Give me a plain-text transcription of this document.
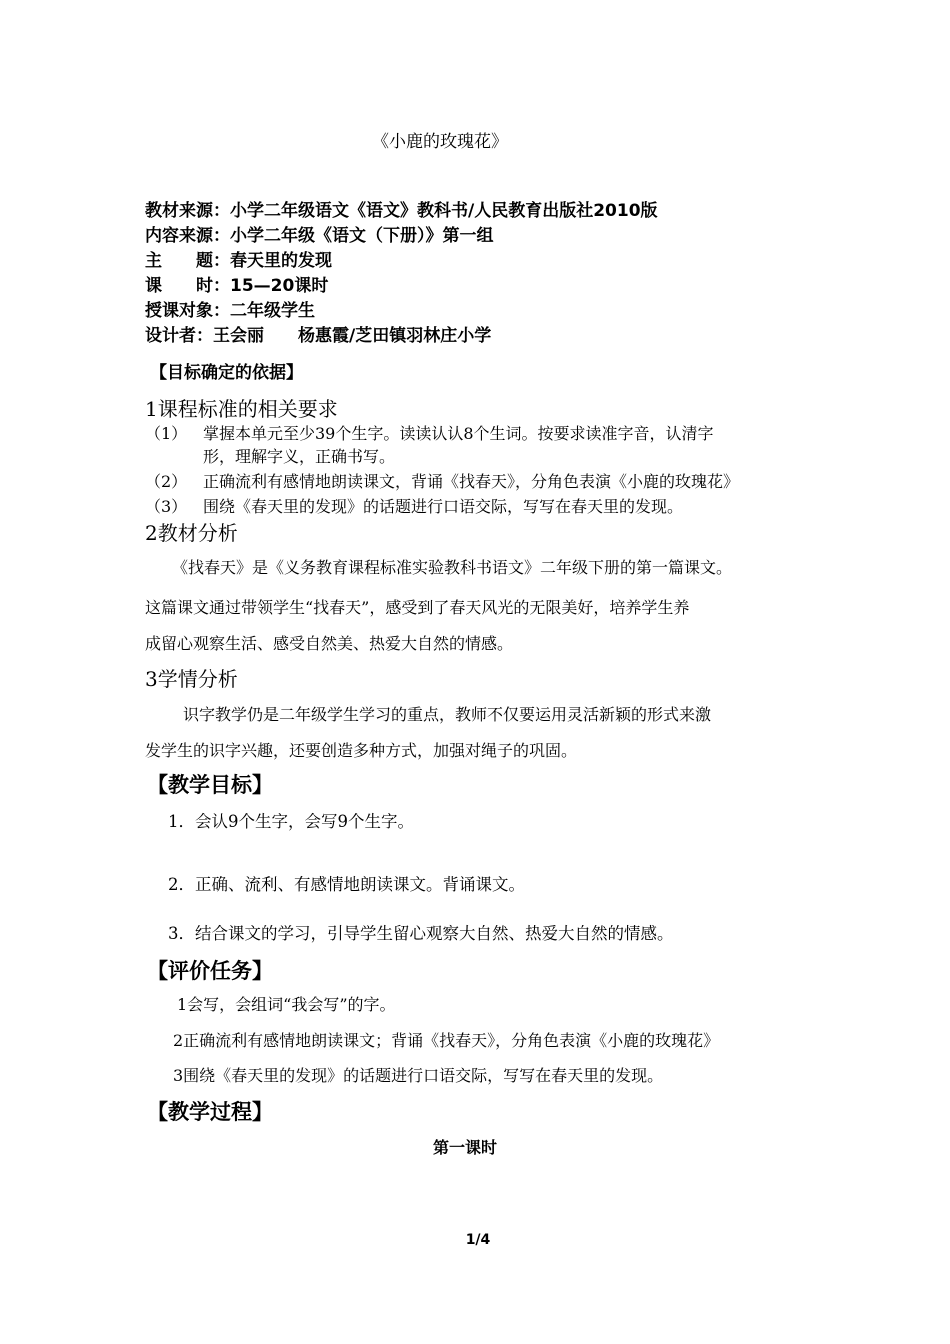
《小鹿的玫瑰花》
教材来源：小学二年级语文《语文》教科书/人民教育出版社2010版
内容来源：小学二年级《语文（下册）》第一组
主　　题：春天里的发现
课　　时：15—20课时
授课对象：二年级学生
设计者：王会丽　　杨惠霞/芝田镇羽林庄小学
【目标确定的依据】
1课程标准的相关要求
（1） 掌握本单元至少39个生字。读读认认8个生词。按要求读准字音，认清字
形，理解字义，正确书写。
（2） 正确流利有感情地朗读课文，背诵《找春天》，分角色表演《小鹿的玫瑰花》
（3） 围绕《春天里的发现》的话题进行口语交际，写写在春天里的发现。
2教材分析
《找春天》是《义务教育课程标准实验教科书语文》二年级下册的第一篇课文。
这篇课文通过带领学生“找春天”，感受到了春天风光的无限美好，培养学生养
成留心观察生活、感受自然美、热爱大自然的情感。
3学情分析
识字教学仍是二年级学生学习的重点，教师不仅要运用灵活新颖的形式来激
发学生的识字兴趣，还要创造多种方式，加强对绳子的巩固。
【教学目标】
1．会认9个生字，会写9个生字。
2．正确、流利、有感情地朗读课文。背诵课文。
3．结合课文的学习，引导学生留心观察大自然、热爱大自然的情感。
【评价任务】
1会写，会组词“我会写”的字。
2正确流利有感情地朗读课文；背诵《找春天》，分角色表演《小鹿的玫瑰花》
3围绕《春天里的发现》的话题进行口语交际，写写在春天里的发现。
【教学过程】
第一课时
1/4
